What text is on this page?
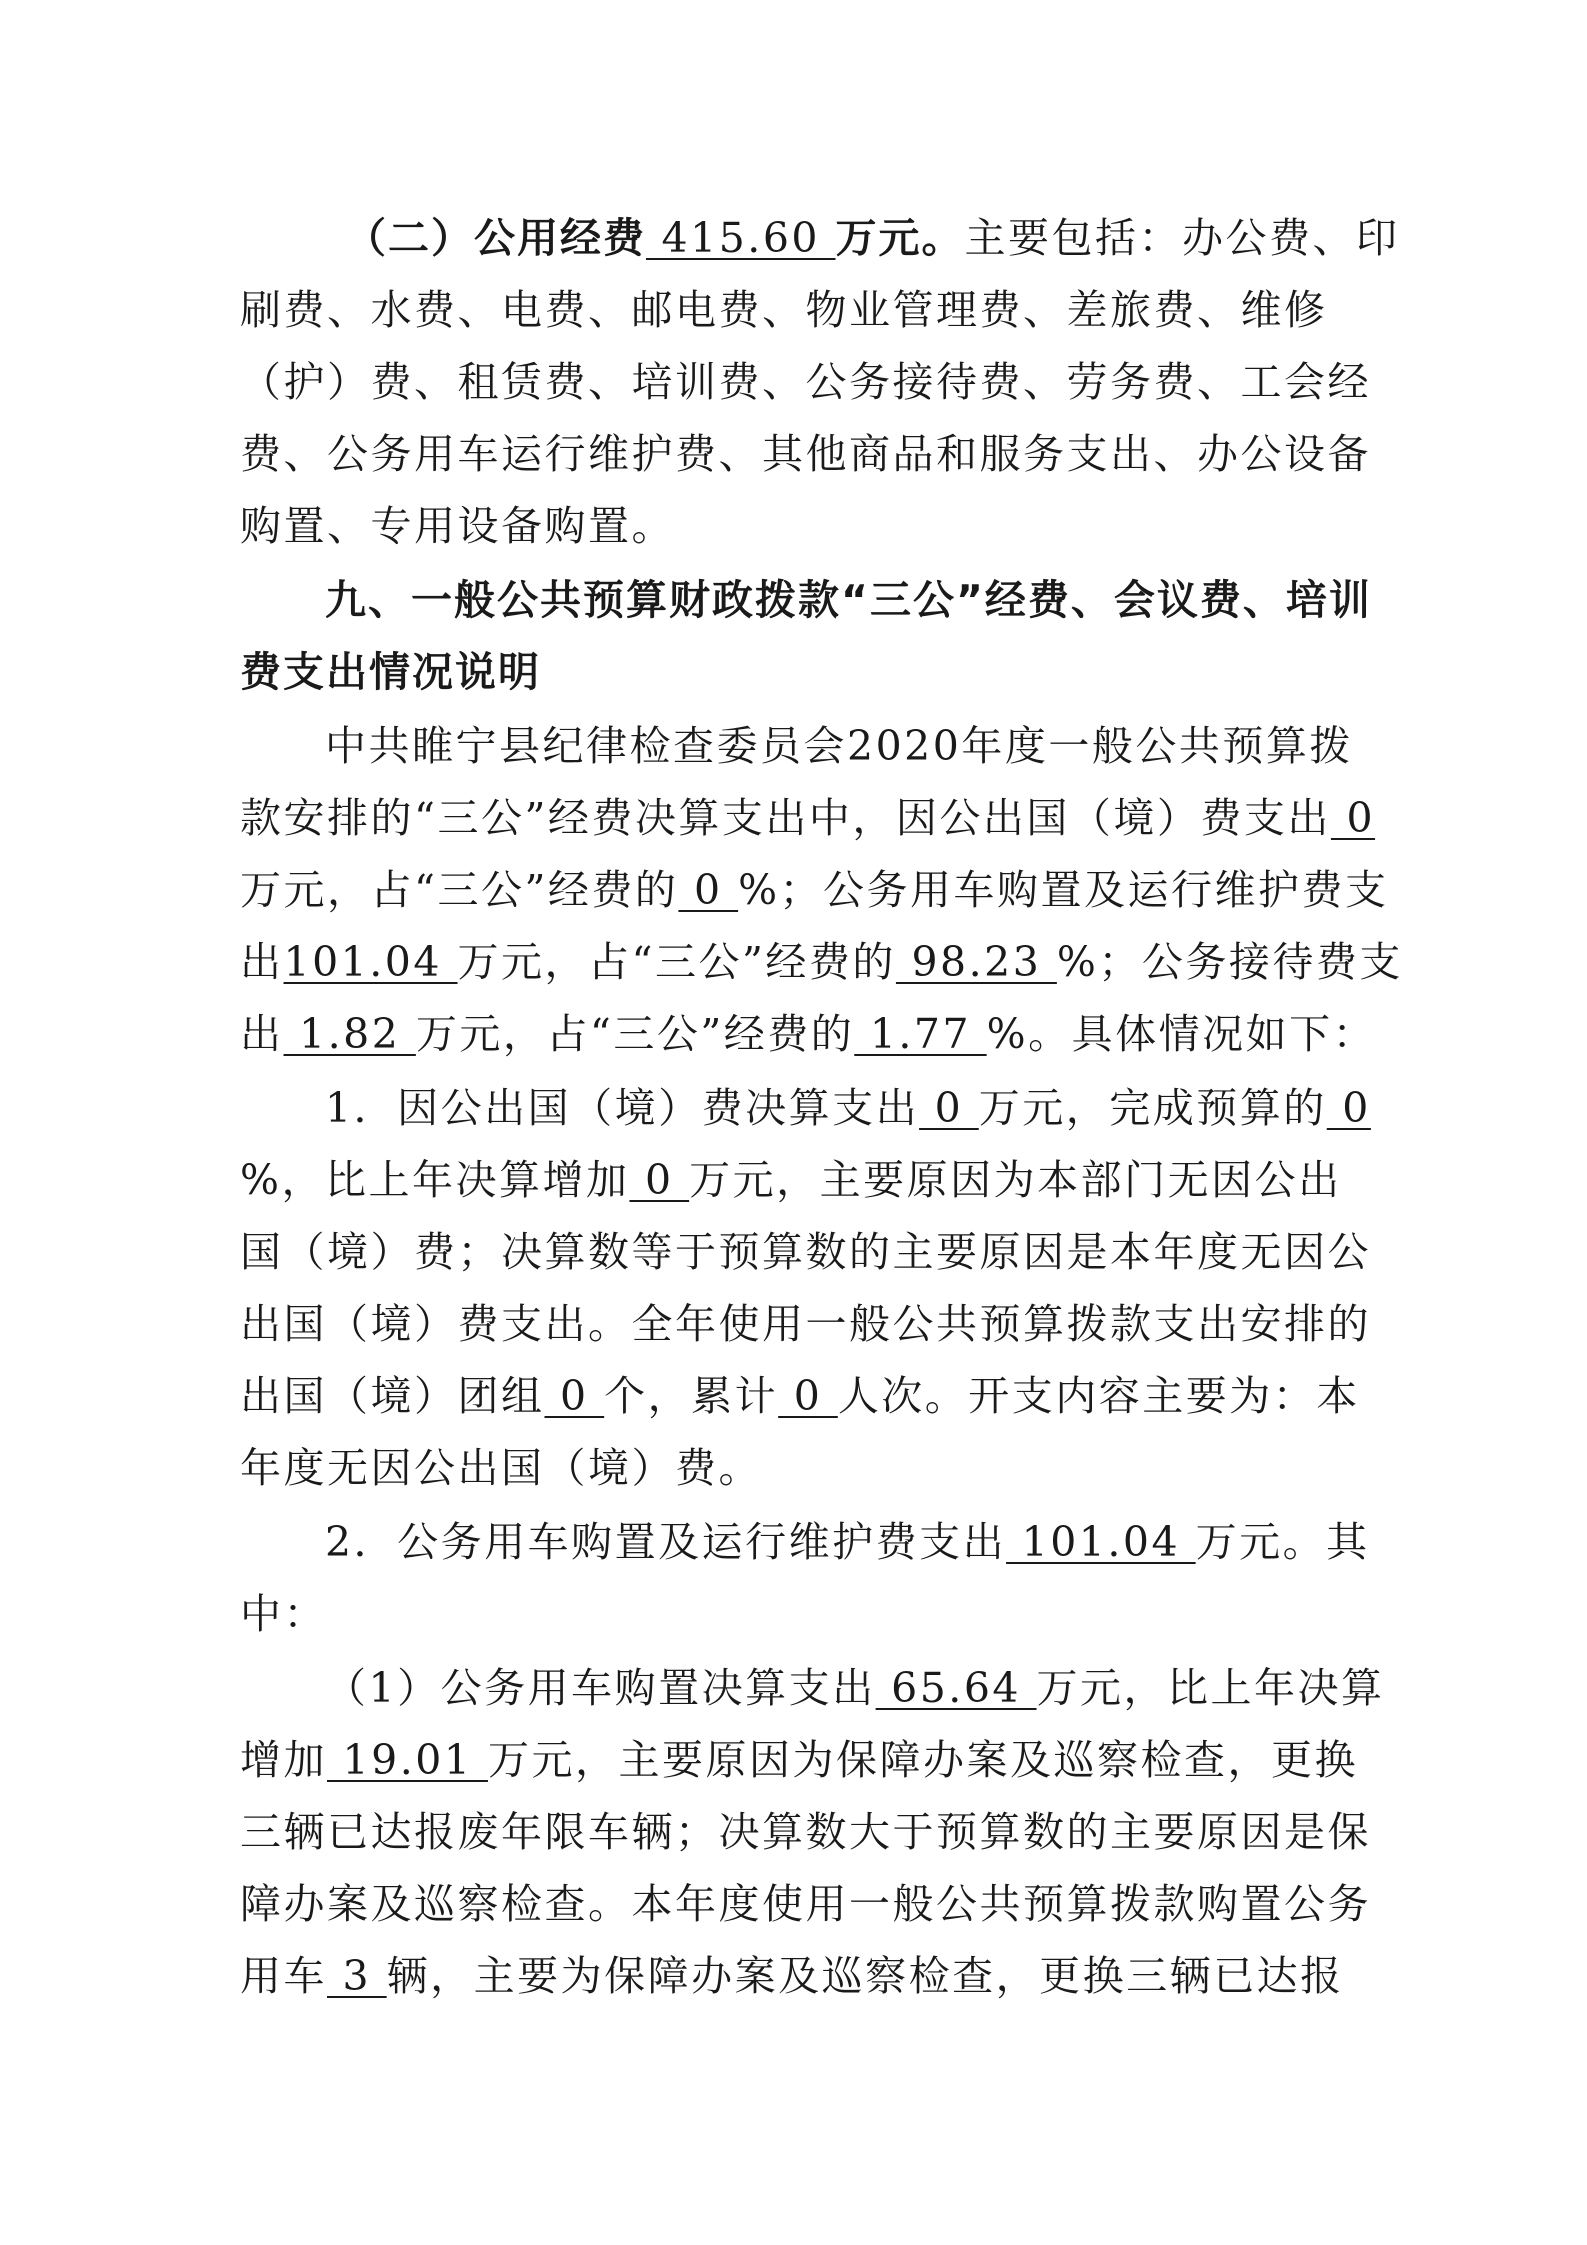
（二）公用经费 415.60 万元。主要包括：办公费、印
刷费、水费、电费、邮电费、物业管理费、差旅费、维修
（护）费、租赁费、培训费、公务接待费、劳务费、工会经
费、公务用车运行维护费、其他商品和服务支出、办公设备
购置、专用设备购置。
九、一般公共预算财政拨款“三公”经费、会议费、培训
费支出情况说明
中共睢宁县纪律检查委员会2020年度一般公共预算拨
款安排的“三公”经费决算支出中，因公出国（境）费支出 0
万元，占“三公”经费的 0 %；公务用车购置及运行维护费支
出101.04 万元，占“三公”经费的 98.23 %；公务接待费支
出 1.82 万元，占“三公”经费的 1.77 %。具体情况如下：
1．因公出国（境）费决算支出 0 万元，完成预算的 0
%，比上年决算增加 0 万元，主要原因为本部门无因公出
国（境）费；决算数等于预算数的主要原因是本年度无因公
出国（境）费支出。全年使用一般公共预算拨款支出安排的
出国（境）团组 0 个，累计 0 人次。开支内容主要为：本
年度无因公出国（境）费。
2．公务用车购置及运行维护费支出 101.04 万元。其
中：
（1）公务用车购置决算支出 65.64 万元，比上年决算
增加 19.01 万元，主要原因为保障办案及巡察检查，更换
三辆已达报废年限车辆；决算数大于预算数的主要原因是保
障办案及巡察检查。本年度使用一般公共预算拨款购置公务
用车 3 辆，主要为保障办案及巡察检查，更换三辆已达报
